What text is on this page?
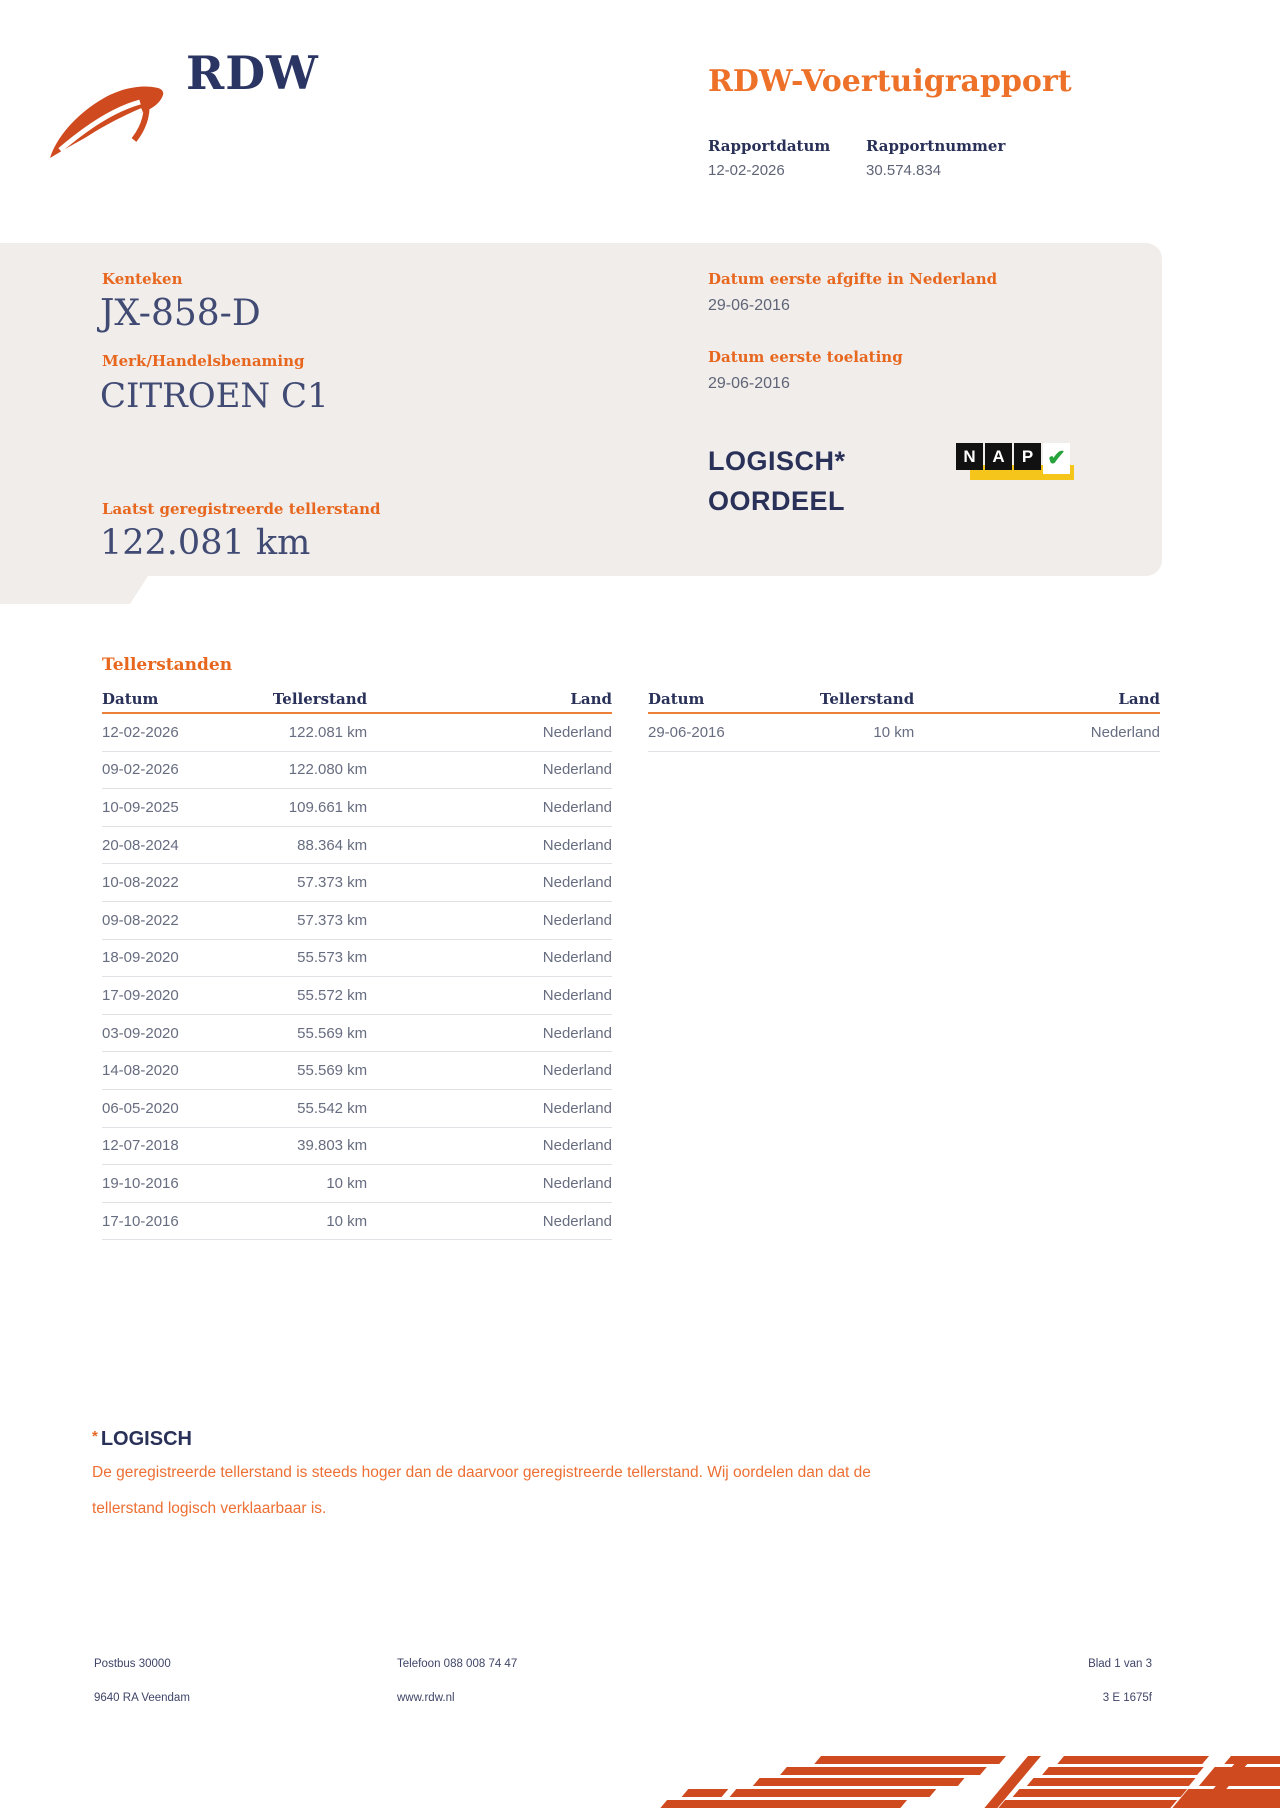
RDW	RDW-Voertuigrapport
Rapportdatum Rapportnummer
12-02-2026	30.574.834
Kenteken
JX-858-D
Merk/Handelsbenaming
CITROEN C1
Laatst geregistreerde tellerstand
122.081 km
Datum eerste afgifte in Nederland
29-06-2016
Datum eerste toelating
29-06-2016
LOGISCH*
OORDEEL
N A	P ✔
Tellerstanden
Datum	Tellerstand	Land
12-02-2026	122.081 km	Nederland
09-02-2026	122.080 km	Nederland
10-09-2025	109.661 km	Nederland
20-08-2024	88.364 km	Nederland
10-08-2022	57.373 km	Nederland
09-08-2022	57.373 km	Nederland
18-09-2020	55.573 km	Nederland
17-09-2020	55.572 km	Nederland
03-09-2020	55.569 km	Nederland
14-08-2020	55.569 km	Nederland
06-05-2020	55.542 km	Nederland
12-07-2018	39.803 km	Nederland
19-10-2016	10 km	Nederland
17-10-2016	10 km	Nederland
Datum	Tellerstand	Land
29-06-2016	10 km	Nederland
* LOGISCH
De geregistreerde tellerstand is steeds hoger dan de daarvoor geregistreerde tellerstand. Wij oordelen dan dat de
tellerstand logisch verklaarbaar is.
Postbus 30000
9640 RA Veendam
Telefoon 088 008 74 47
www.rdw.nl
Blad 1 van 3
3 E 1675f
